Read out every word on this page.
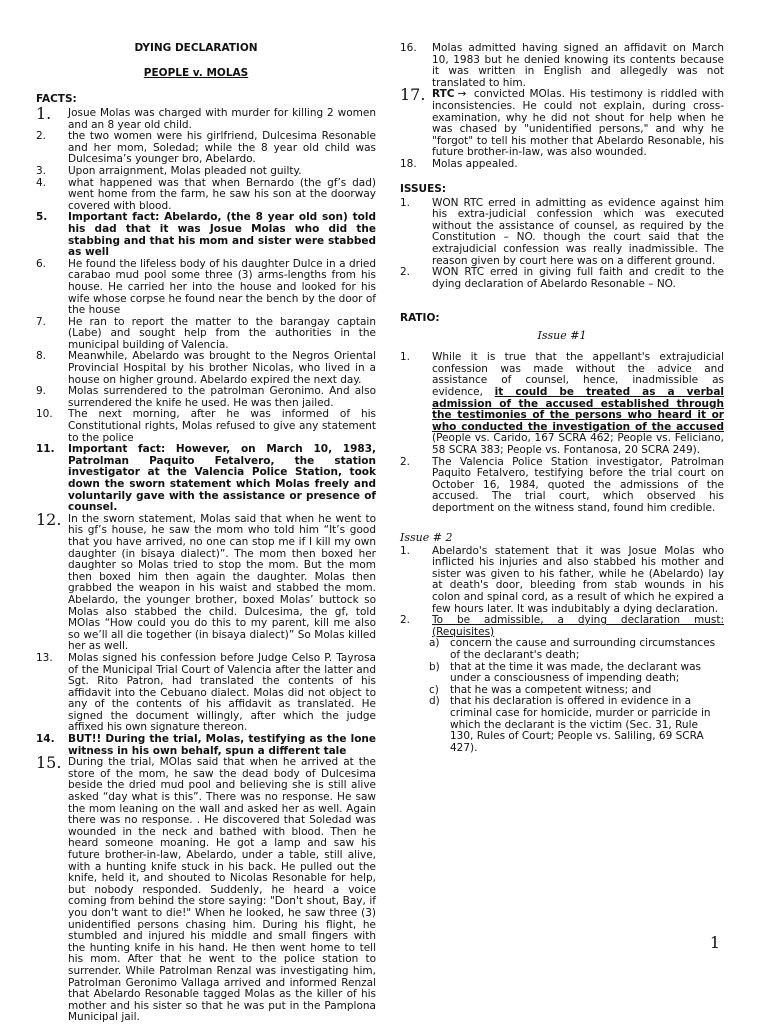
DYING DECLARATION

PEOPLE v. MOLAS

FACTS:

1.	Josue Molas was charged with murder for killing 2 women and an 8 year old child.
2.	the two women were his girlfriend, Dulcesima Resonable and her mom, Soledad; while the 8 year old child was Dulcesima’s younger bro, Abelardo.
3.	Upon arraignment, Molas pleaded not guilty.
4.	what happened was that when Bernardo (the gf’s dad) went home from the farm, he saw his son at the doorway covered with blood.
5.	Important fact: Abelardo, (the 8 year old son) told his dad that it was Josue Molas who did the stabbing and that his mom and sister were stabbed as well
6.	He found the lifeless body of his daughter Dulce in a dried carabao mud pool some three (3) arms-lengths from his house. He carried her into the house and looked for his wife whose corpse he found near the bench by the door of the house
7.	He ran to report the matter to the barangay captain (Labe) and sought help from the authorities in the municipal building of Valencia.
8.	Meanwhile, Abelardo was brought to the Negros Oriental Provincial Hospital by his brother Nicolas, who lived in a house on higher ground. Abelardo expired the next day.
9.	Molas surrendered to the patrolman Geronimo. And also surrendered the knife he used. He was then jailed.
10.	The next morning, after he was informed of his Constitutional rights, Molas refused to give any statement to the police
11.	Important fact: However, on March 10, 1983, Patrolman Paquito Fetalvero, the station investigator at the Valencia Police Station, took down the sworn statement which Molas freely and voluntarily gave with the assistance or presence of counsel.
12. In the sworn statement, Molas said that when he went to his gf’s house, he saw the mom who told him “It’s good that you have arrived, no one can stop me if I kill my own daughter (in bisaya dialect)”. The mom then boxed her daughter so Molas tried to stop the mom. But the mom then boxed him then again the daughter. Molas then grabbed the weapon in his waist and stabbed the mom. Abelardo, the younger brother, boxed Molas’ buttock so Molas also stabbed the child. Dulcesima, the gf, told MOlas “How could you do this to my parent, kill me also so we’ll all die together (in bisaya dialect)” So Molas killed her as well.
13.	Molas signed his confession before Judge Celso P. Tayrosa of the Municipal Trial Court of Valencia after the latter and Sgt. Rito Patron, had translated the contents of his affidavit into the Cebuano dialect. Molas did not object to any of the contents of his affidavit as translated. He signed the document willingly, after which the judge affixed his own signature thereon.
14.	BUT!! During the trial, Molas, testifying as the lone witness in his own behalf, spun a different tale
15. During the trial, MOlas said that when he arrived at the store of the mom, he saw the dead body of Dulcesima beside the dried mud pool and believing she is still alive asked “day what is this”. There was no response. He saw the mom leaning on the wall and asked her as well. Again there was no response. . He discovered that Soledad was wounded in the neck and bathed with blood. Then he heard someone moaning. He got a lamp and saw his future brother-in-law, Abelardo, under a table, still alive, with a hunting knife stuck in his back. He pulled out the knife, held it, and shouted to Nicolas Resonable for help, but nobody responded. Suddenly, he heard a voice coming from behind the store saying: "Don't shout, Bay, if you don't want to die!" When he looked, he saw three (3) unidentified persons chasing him. During his flight, he stumbled and injured his middle and small fingers with the hunting knife in his hand. He then went home to tell his mom. After that he went to the police station to surrender. While Patrolman Renzal was investigating him, Patrolman Geronimo Vallaga arrived and informed Renzal that Abelardo Resonable tagged Molas as the killer of his mother and his sister so that he was put in the Pamplona Municipal jail.
16.	Molas admitted having signed an affidavit on March 10, 1983 but he denied knowing its contents because it was written in English and allegedly was not translated to him.
17. RTC → convicted MOlas. His testimony is riddled with inconsistencies. He could not explain, during cross-examination, why he did not shout for help when he was chased by "unidentified persons," and why he "forgot" to tell his mother that Abelardo Resonable, his future brother-in-law, was also wounded.
18.	Molas appealed.

ISSUES:

1.	WON RTC erred in admitting as evidence against him his extra-judicial confession which was executed without the assistance of counsel, as required by the Constitution – NO. though the court said that the extrajudicial confession was really inadmissible. The reason given by court here was on a different ground.
2.	WON RTC erred in giving full faith and credit to the dying declaration of Abelardo Resonable – NO.

RATIO:

Issue #1

1.	While it is true that the appellant's extrajudicial confession was made without the advice and assistance of counsel, hence, inadmissible as evidence, it could be treated as a verbal admission of the accused established through the testimonies of the persons who heard it or who conducted the investigation of the accused (People vs. Carido, 167 SCRA 462; People vs. Feliciano, 58 SCRA 383; People vs. Fontanosa, 20 SCRA 249).
2.	The Valencia Police Station investigator, Patrolman Paquito Fetalvero, testifying before the trial court on October 16, 1984, quoted the admissions of the accused. The trial court, which observed his deportment on the witness stand, found him credible.

Issue # 2

1.	Abelardo's statement that it was Josue Molas who inflicted his injuries and also stabbed his mother and sister was given to his father, while he (Abelardo) lay at death's door, bleeding from stab wounds in his colon and spinal cord, as a result of which he expired a few hours later. It was indubitably a dying declaration.
2.	To be admissible, a dying declaration must: (Requisites)
a) concern the cause and surrounding circumstances of the declarant's death;
b) that at the time it was made, the declarant was under a consciousness of impending death;
c) that he was a competent witness; and
d) that his declaration is offered in evidence in a criminal case for homicide, murder or parricide in which the declarant is the victim (Sec. 31, Rule 130, Rules of Court; People vs. Saliling, 69 SCRA 427).
1
